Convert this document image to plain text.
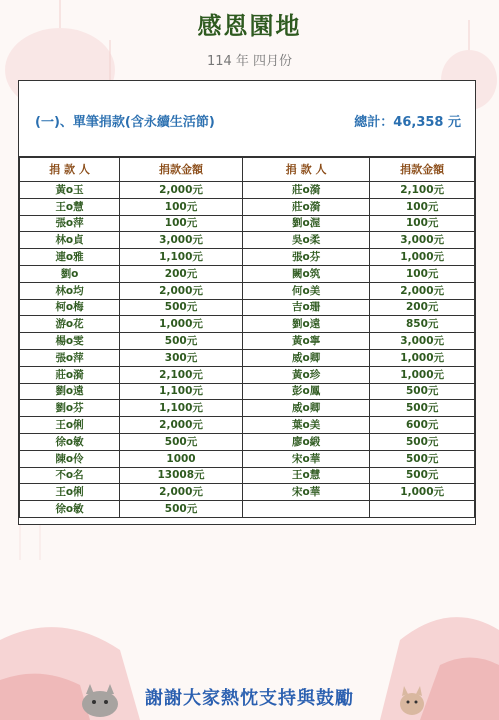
感恩園地
114 年 四月份
(一)、單筆捐款(含永續生活節)	總計：46,358 元
捐 款 人	捐款金額	捐 款 人	捐款金額
黃o玉	2,000元	莊o漪	2,100元
王o慧	100元	莊o漪	100元
張o萍	100元	劉o渥	100元
林o貞	3,000元	吳o柔	3,000元
連o雅	1,100元	張o芬	1,000元
劉o	200元	闕o筑	100元
林o均	2,000元	何o美	2,000元
柯o梅	500元	吉o珊	200元
游o花	1,000元	劉o遠	850元
楊o雯	500元	黃o寧	3,000元
張o萍	300元	威o卿	1,000元
莊o漪	2,100元	黃o珍	1,000元
劉o遠	1,100元	彭o鳳	500元
劉o芬	1,100元	威o卿	500元
王o俐	2,000元	葉o美	600元
徐o敏	500元	廖o緞	500元
陳o伶	1000	宋o華	500元
不o名	13008元	王o慧	500元
王o俐	2,000元	宋o華	1,000元
徐o敏	500元		
謝謝大家熱忱支持與鼓勵
